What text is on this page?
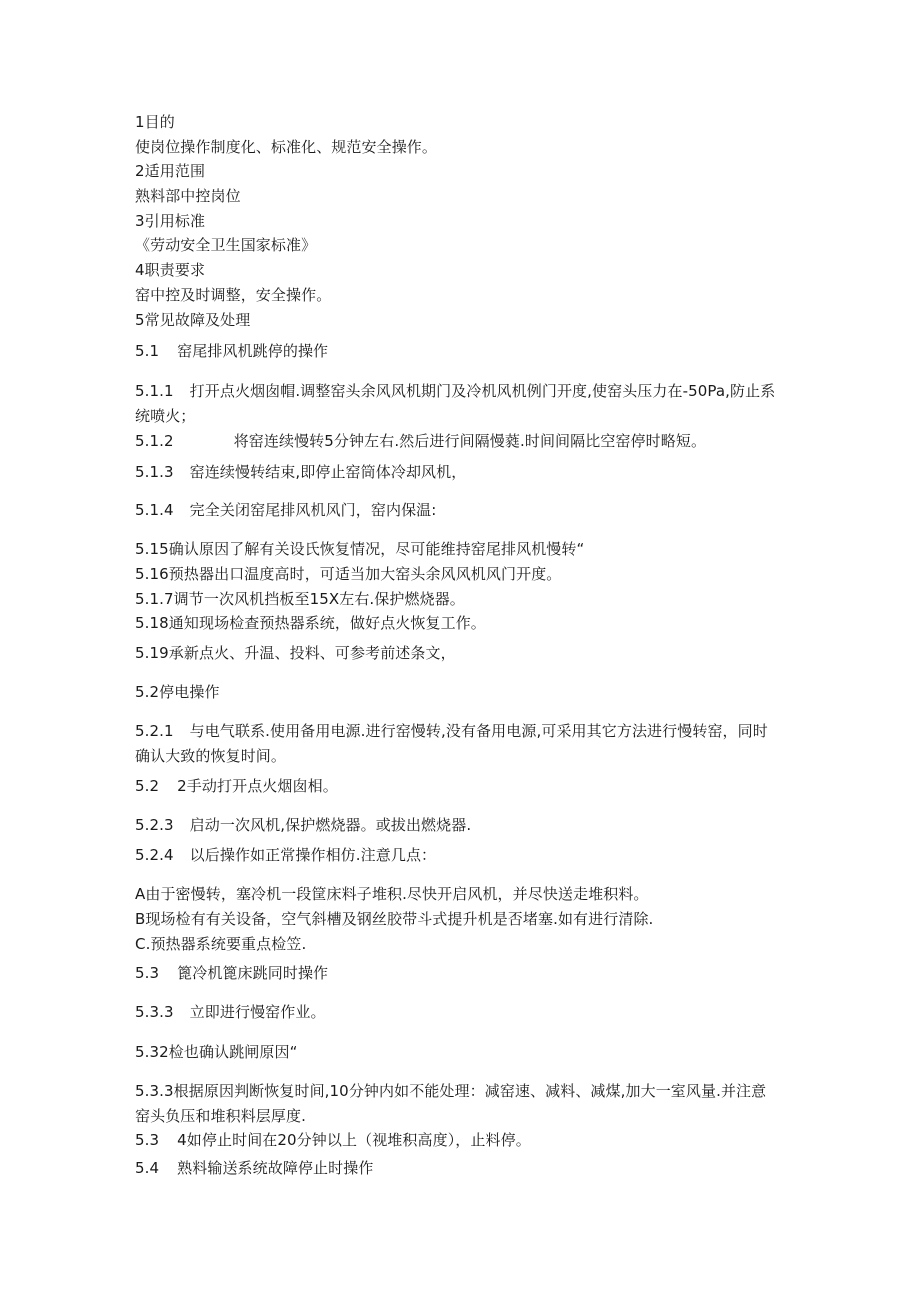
1目的
使岗位操作制度化、标准化、规范安全操作。
2适用范围
熟料部中控岗位
3引用标准
《劳动安全卫生国家标准》
4职责要求
窑中控及时调整，安全操作。
5常见故障及处理
5.1 窑尾排风机跳停的操作
5.1.1 打开点火烟囱帽.调整窑头余风风机期门及冷机风机例门开度,使窑头压力在-50Pa,防止系
统喷火；
5.1.2	将窑连续慢转5分钟左右.然后进行间隔慢蕤.时间间隔比空窑停时略短。
5.1.3 窑连续慢转结束,即停止窑筒体冷却风机，
5.1.4 完全关闭窑尾排风机风门，窑内保温:
5.15确认原因了解有关设氏恢复情况，尽可能维持窑尾排风机慢转“
5.16预热器出口温度高时，可适当加大窑头余风风机风门开度。
5.1.7调节一次风机挡板至15X左右.保护燃烧器。
5.18通知现场检查预热器系统，做好点火恢复工作。
5.19承新点火、升温、投料、可参考前述条文，
5.2停电操作
5.2.1 与电气联系.使用备用电源.进行窑慢转,没有备用电源,可采用其它方法进行慢转窑，同时
确认大致的恢复时间。
5.2 2手动打开点火烟囱相。
5.2.3 启动一次风机,保护燃烧器。或拔出燃烧器.
5.2.4 以后操作如正常操作相仿.注意几点：
A由于密慢转，塞冷机一段筐床料子堆积.尽快开启风机，并尽快送走堆积料。
B现场检有有关设备，空气斜槽及钢丝胶带斗式提升机是否堵塞.如有进行清除.
C.预热器系统要重点检笠.
5.3 篦冷机篦床跳同时操作
5.3.3 立即进行慢窑作业。
5.32检也确认跳闸原因“
5.3.3根据原因判断恢复时间,10分钟内如不能处理：减窑速、减料、减煤,加大一室风量.并注意
窑头负压和堆积料层厚度.
5.3 4如停止时间在20分钟以上（视堆积高度），止料停。
5.4 熟料输送系统故障停止时操作
